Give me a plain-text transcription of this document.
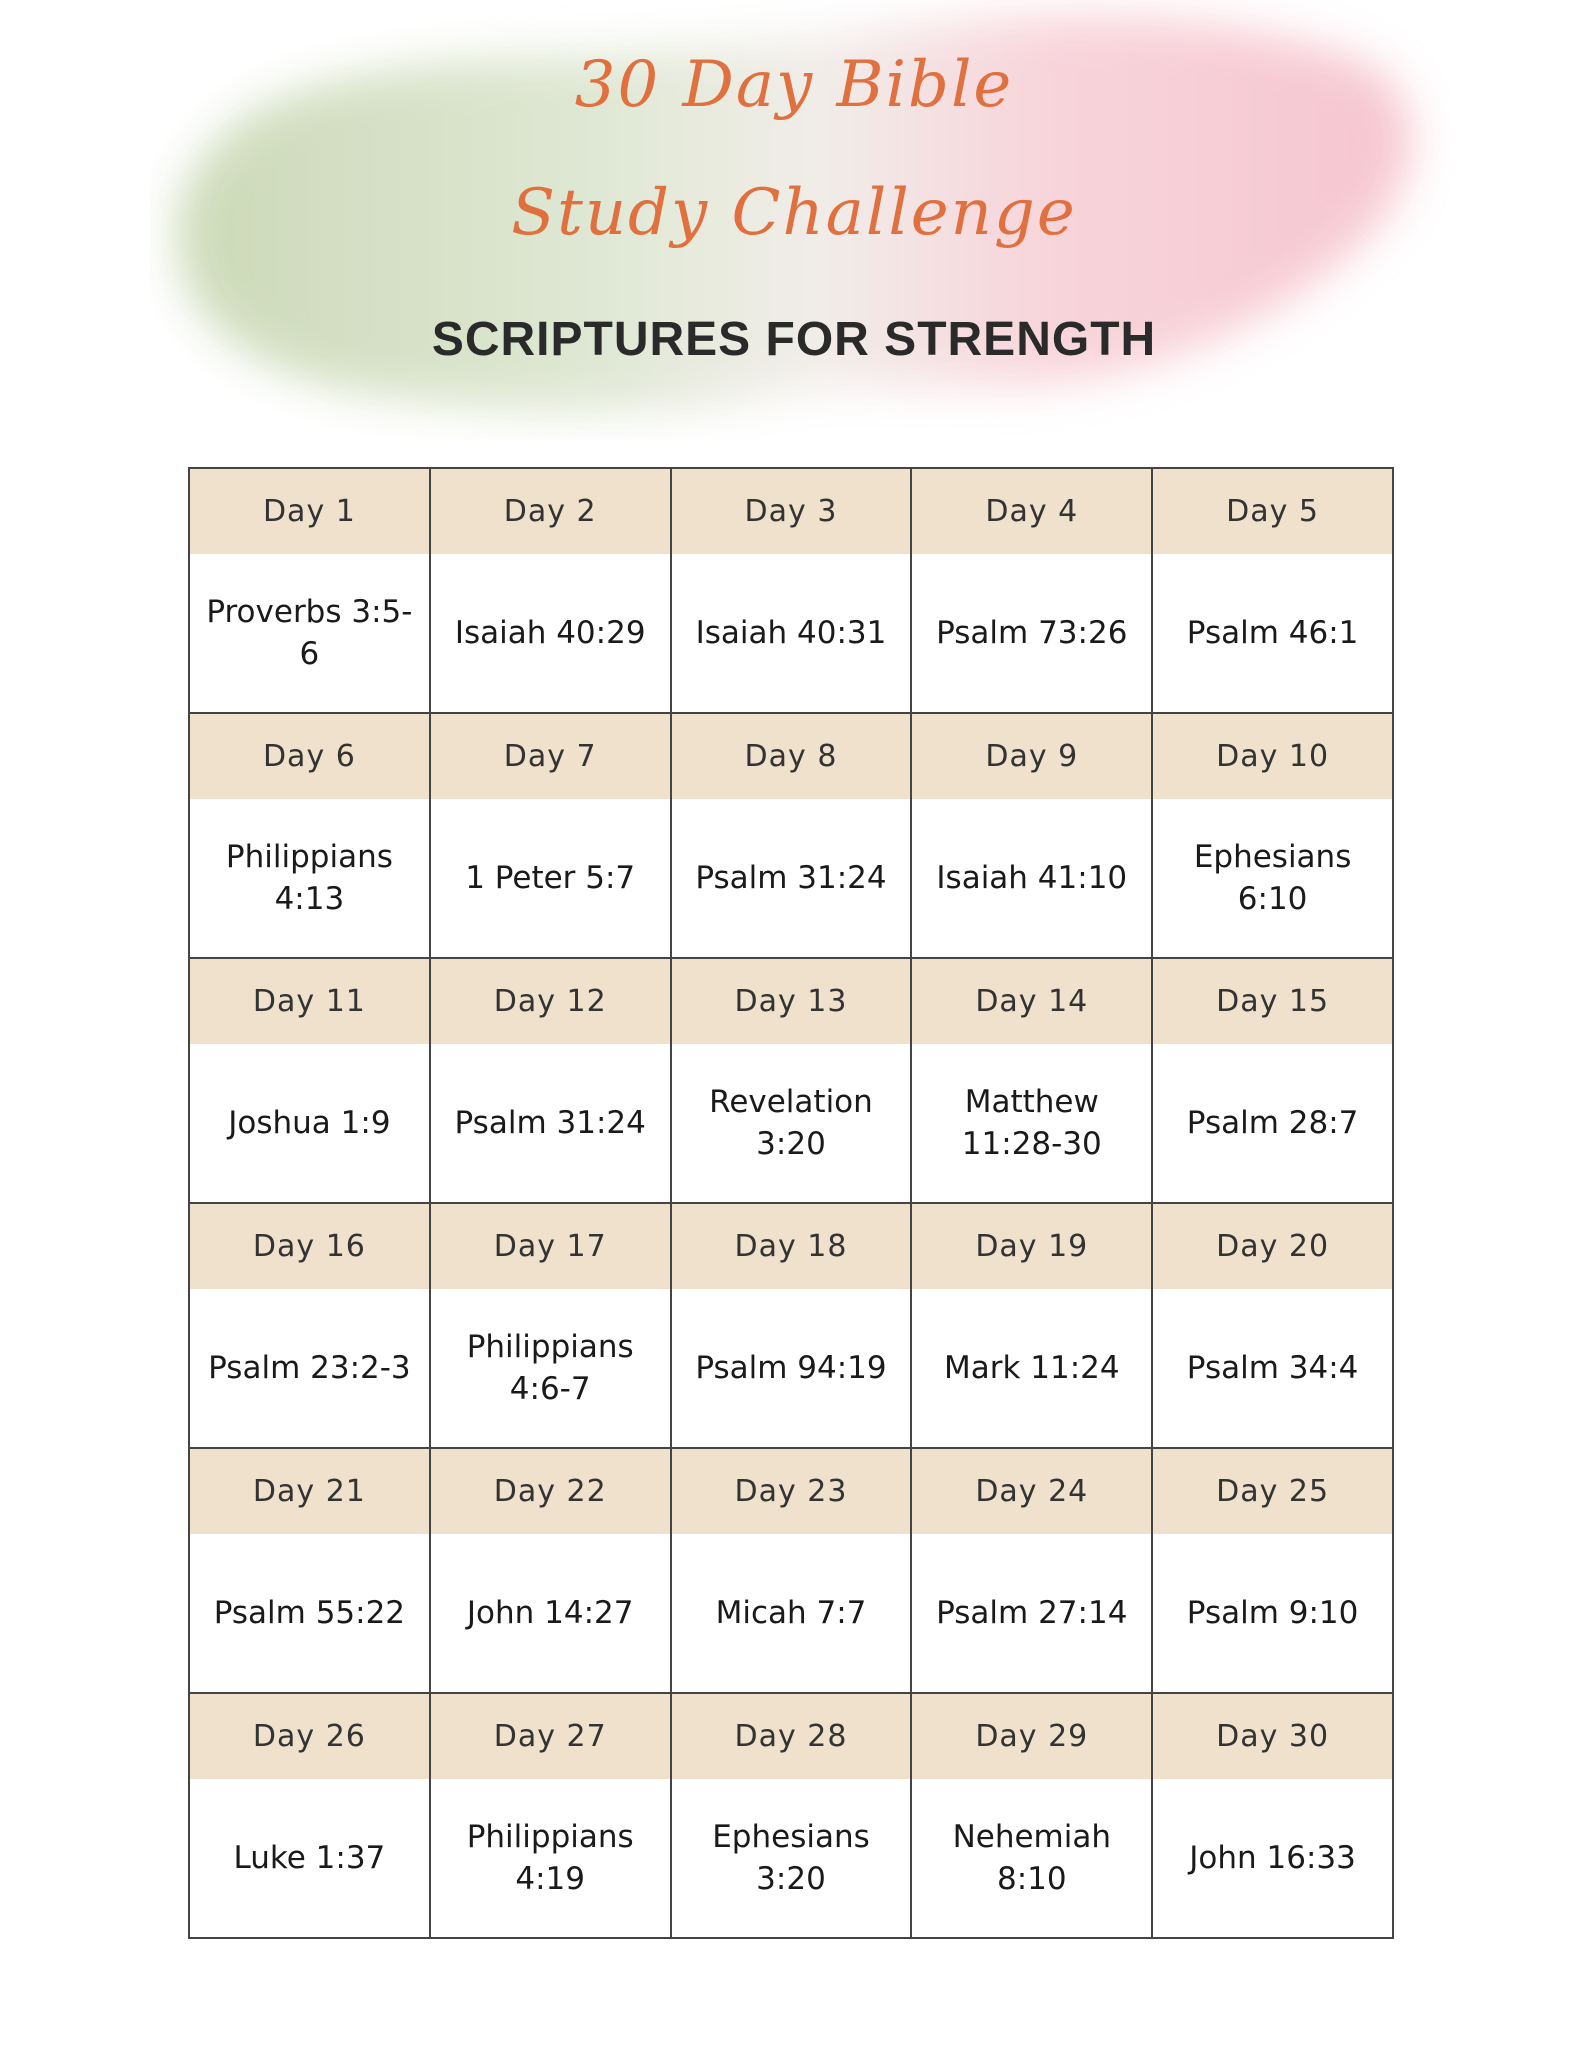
30 Day Bible
Study Challenge
SCRIPTURES FOR STRENGTH
Day 1
Proverbs 3:5-6
Day 2
Isaiah 40:29
Day 3
Isaiah 40:31
Day 4
Psalm 73:26
Day 5
Psalm 46:1
Day 6
Philippians
4:13
Day 7
1 Peter 5:7
Day 8
Psalm 31:24
Day 9
Isaiah 41:10
Day 10
Ephesians 6:10
Day 11
Joshua 1:9
Day 12
Psalm 31:24
Day 13
Revelation
3:20
Day 14
Matthew
11:28-30
Day 15
Psalm 28:7
Day 16
Psalm 23:2-3
Day 17
Philippians
4:6-7
Day 18
Psalm 94:19
Day 19
Mark 11:24
Day 20
Psalm 34:4
Day 21
Psalm 55:22
Day 22
John 14:27
Day 23
Micah 7:7
Day 24
Psalm 27:14
Day 25
Psalm 9:10
Day 26
Luke 1:37
Day 27
Philippians
4:19
Day 28
Ephesians
3:20
Day 29
Nehemiah 8:10
Day 30
John 16:33
